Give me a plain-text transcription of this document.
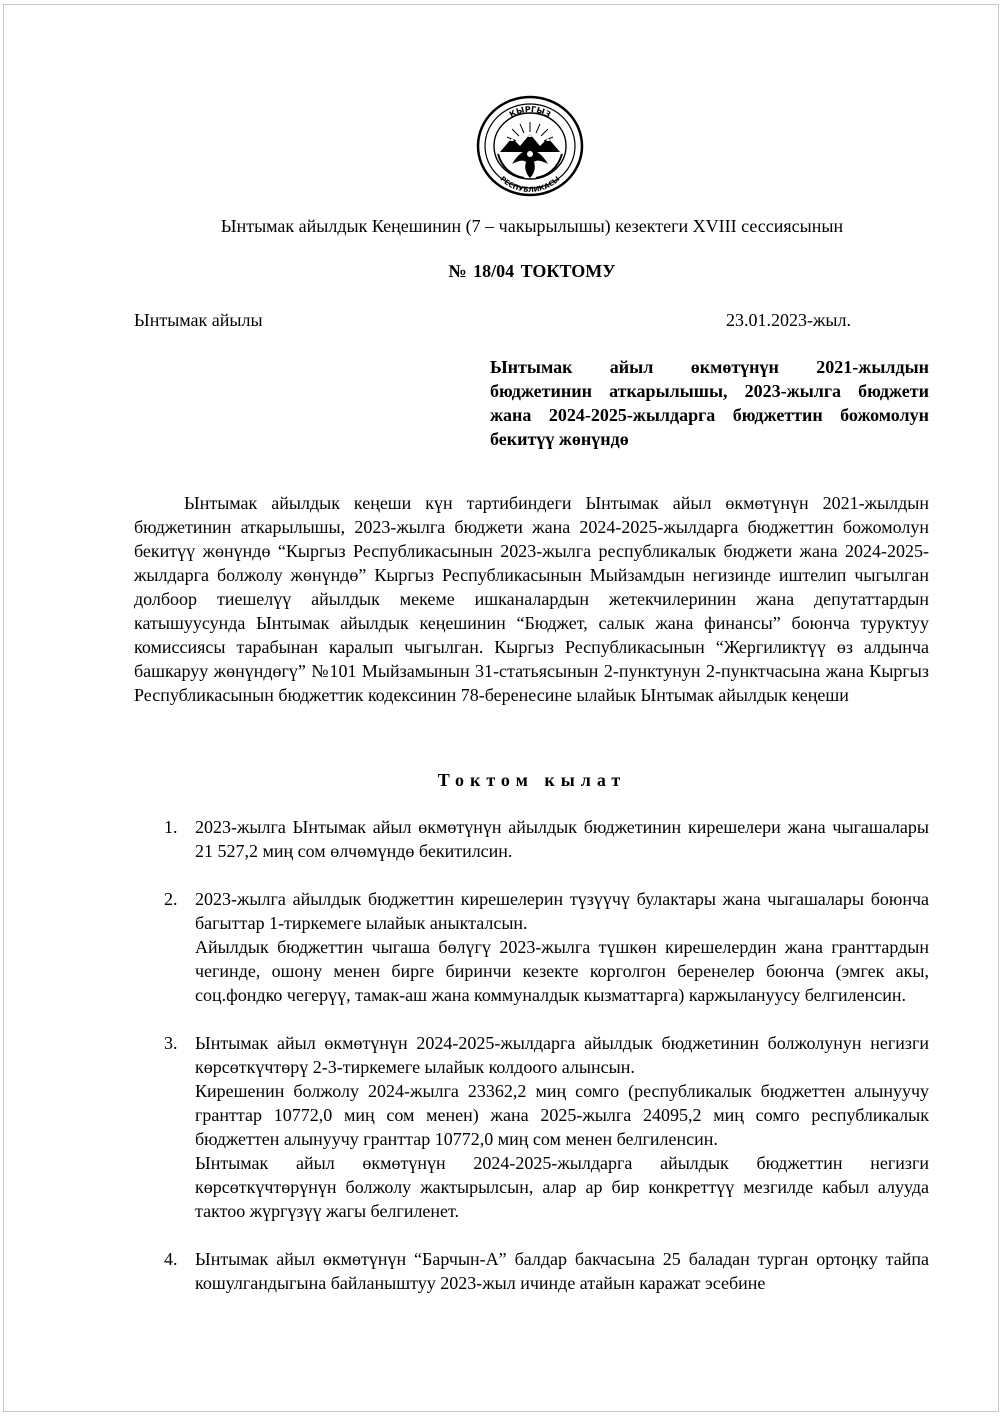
КЫРГЫЗ
РЕСПУБЛИКАСЫ
Ынтымак айылдык Кеңешинин (7 – чакырылышы) кезектеги XVIII сессиясынын
№ 18/04 ТОКТОМУ
Ынтымак айылы	23.01.2023-жыл.
Ынтымак айыл өкмөтүнүн 2021-жылдын бюджетинин аткарылышы, 2023-жылга бюджети жана 2024-2025-жылдарга бюджеттин божомолун бекитүү жөнүндө

Ынтымак айылдык кеңеши күн тартибиндеги Ынтымак айыл өкмөтүнүн 2021-жылдын бюджетинин аткарылышы, 2023-жылга бюджети жана 2024-2025-жылдарга бюджеттин божомолун бекитүү жөнүндө “Кыргыз Республикасынын 2023-жылга республикалык бюджети жана 2024-2025-жылдарга болжолу жөнүндө” Кыргыз Республикасынын Мыйзамдын негизинде иштелип чыгылган долбоор тиешелүү айылдык мекеме ишканалардын жетекчилеринин жана депутаттардын катышуусунда Ынтымак айылдык кеңешинин “Бюджет, салык жана финансы” боюнча туруктуу комиссиясы тарабынан каралып чыгылган. Кыргыз Республикасынын “Жергиликтүү өз алдынча башкаруу жөнүндөгү” №101 Мыйзамынын 31-статьясынын 2-пунктунун 2-пунктчасына жана Кыргыз Республикасынын бюджеттик кодексинин 78-беренесине ылайык Ынтымак айылдык кеңеши

Токтом кылат
1. 2023-жылга Ынтымак айыл өкмөтүнүн айылдык бюджетинин кирешелери жана чыгашалары 21 527,2 миң сом өлчөмүндө бекитилсин.

2. 2023-жылга айылдык бюджеттин кирешелерин түзүүчү булактары жана чыгашалары боюнча багыттар 1-тиркемеге ылайык аныкталсын.

Айылдык бюджеттин чыгаша бөлүгү 2023-жылга түшкөн кирешелердин жана гранттардын чегинде, ошону менен бирге биринчи кезекте корголгон беренелер боюнча (эмгек акы, соц.фондко чегерүү, тамак-аш жана коммуналдык кызматтарга) каржылануусу белгиленсин.

3. Ынтымак айыл өкмөтүнүн 2024-2025-жылдарга айылдык бюджетинин болжолунун негизги көрсөткүчтөрү 2-3-тиркемеге ылайык колдоого алынсын.

Кирешенин болжолу 2024-жылга 23362,2 миң сомго (республикалык бюджеттен алынуучу гранттар 10772,0 миң сом менен) жана 2025-жылга 24095,2 миң сомго республикалык бюджеттен алынуучу гранттар 10772,0 миң сом менен белгиленсин.

Ынтымак айыл өкмөтүнүн 2024-2025-жылдарга айылдык бюджеттин негизги көрсөткүчтөрүнүн болжолу жактырылсын, алар ар бир конкреттүү мезгилде кабыл алууда тактоо жүргүзүү жагы белгиленет.

4. Ынтымак айыл өкмөтүнүн “Барчын-А” балдар бакчасына 25 баладан турган ортоңку тайпа кошулгандыгына байланыштуу 2023-жыл ичинде атайын каражат эсебине
